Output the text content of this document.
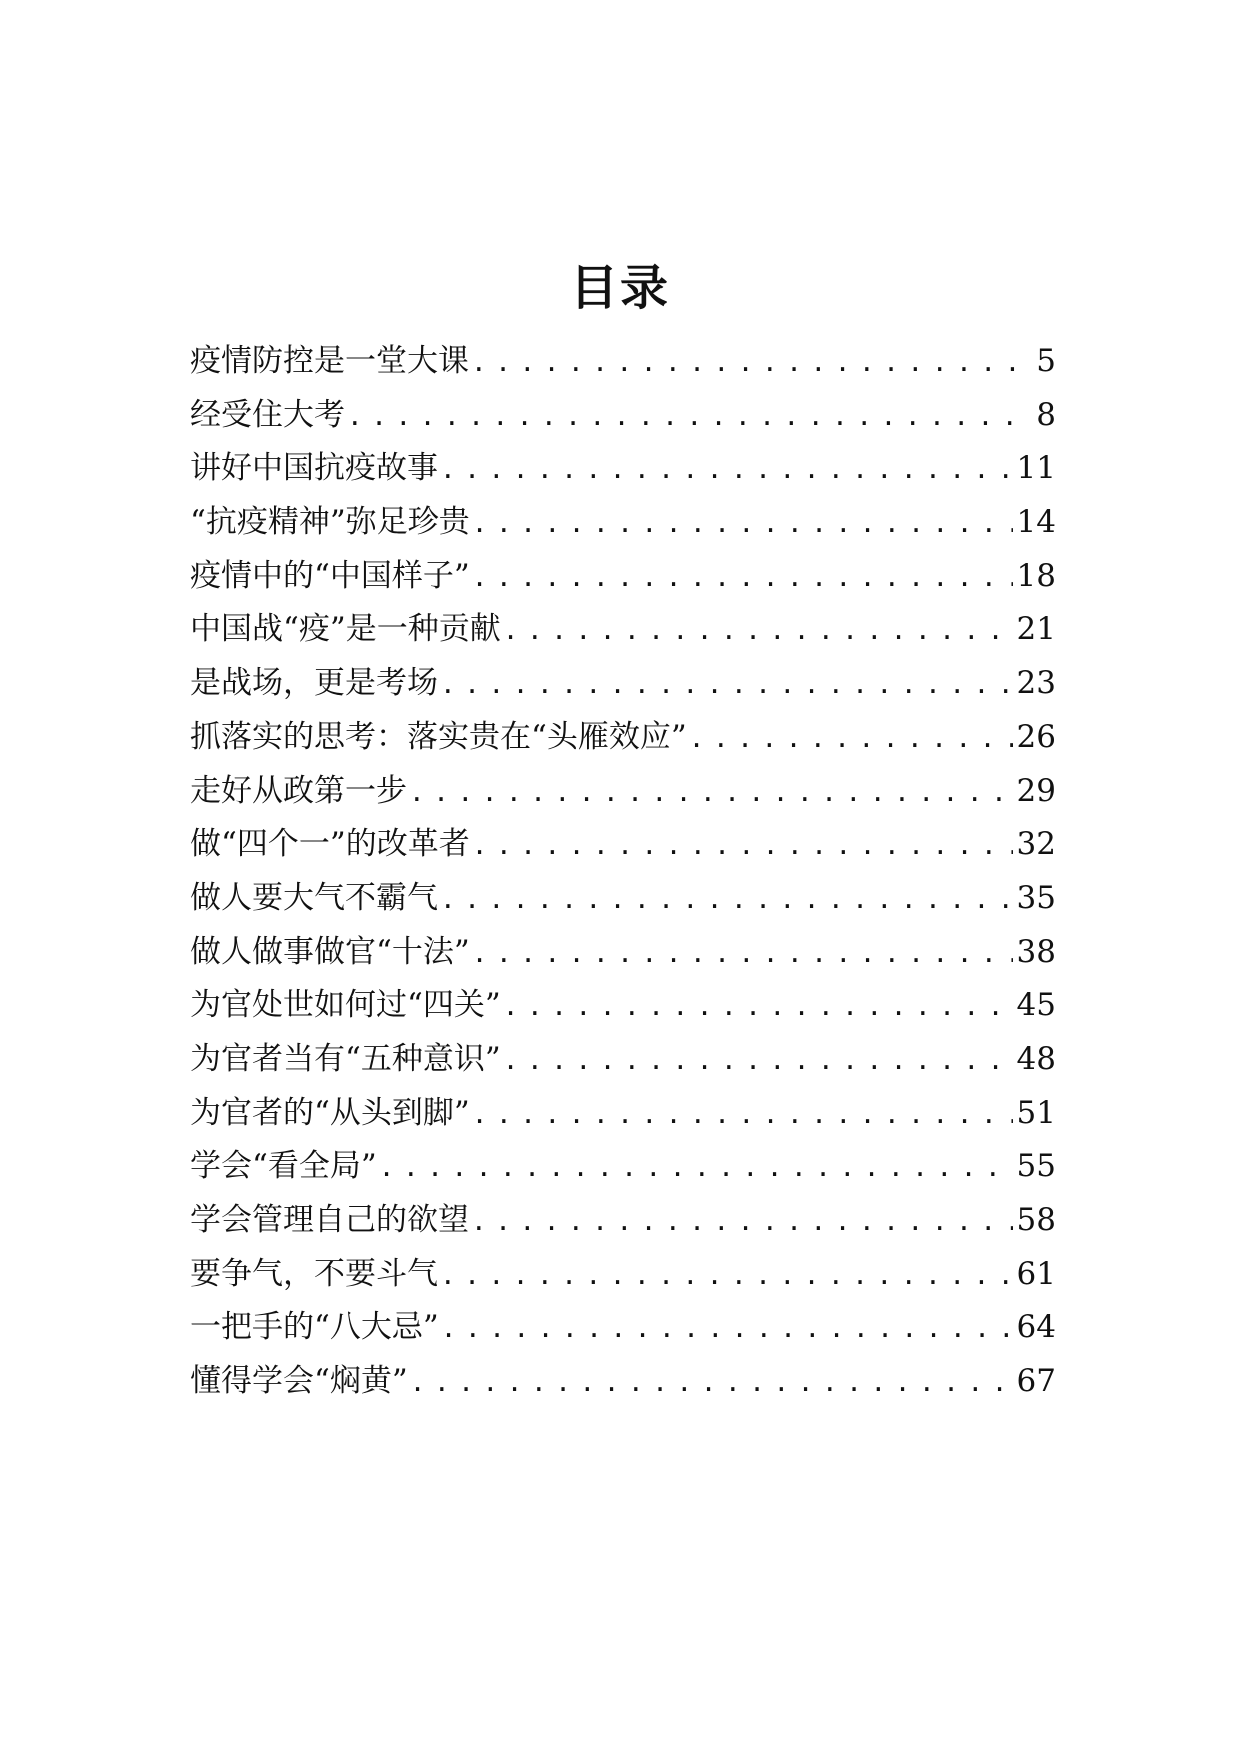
目录
疫情防控是一堂大课 .....	5
经受住大考 .....	8
讲好中国抗疫故事 .....	11
“抗疫精神”弥足珍贵 .....	14
疫情中的“中国样子” .....	18
中国战“疫”是一种贡献 .....	21
是战场，更是考场 .....	23
抓落实的思考：落实贵在“头雁效应” .....	26
走好从政第一步 .....	29
做“四个一”的改革者 .....	32
做人要大气不霸气 .....	35
做人做事做官“十法” .....	38
为官处世如何过“四关” .....	45
为官者当有“五种意识” .....	48
为官者的“从头到脚” .....	51
学会“看全局” .....	55
学会管理自己的欲望 .....	58
要争气，不要斗气 .....	61
一把手的“八大忌” .....	64
懂得学会“焖黄” .....	67
